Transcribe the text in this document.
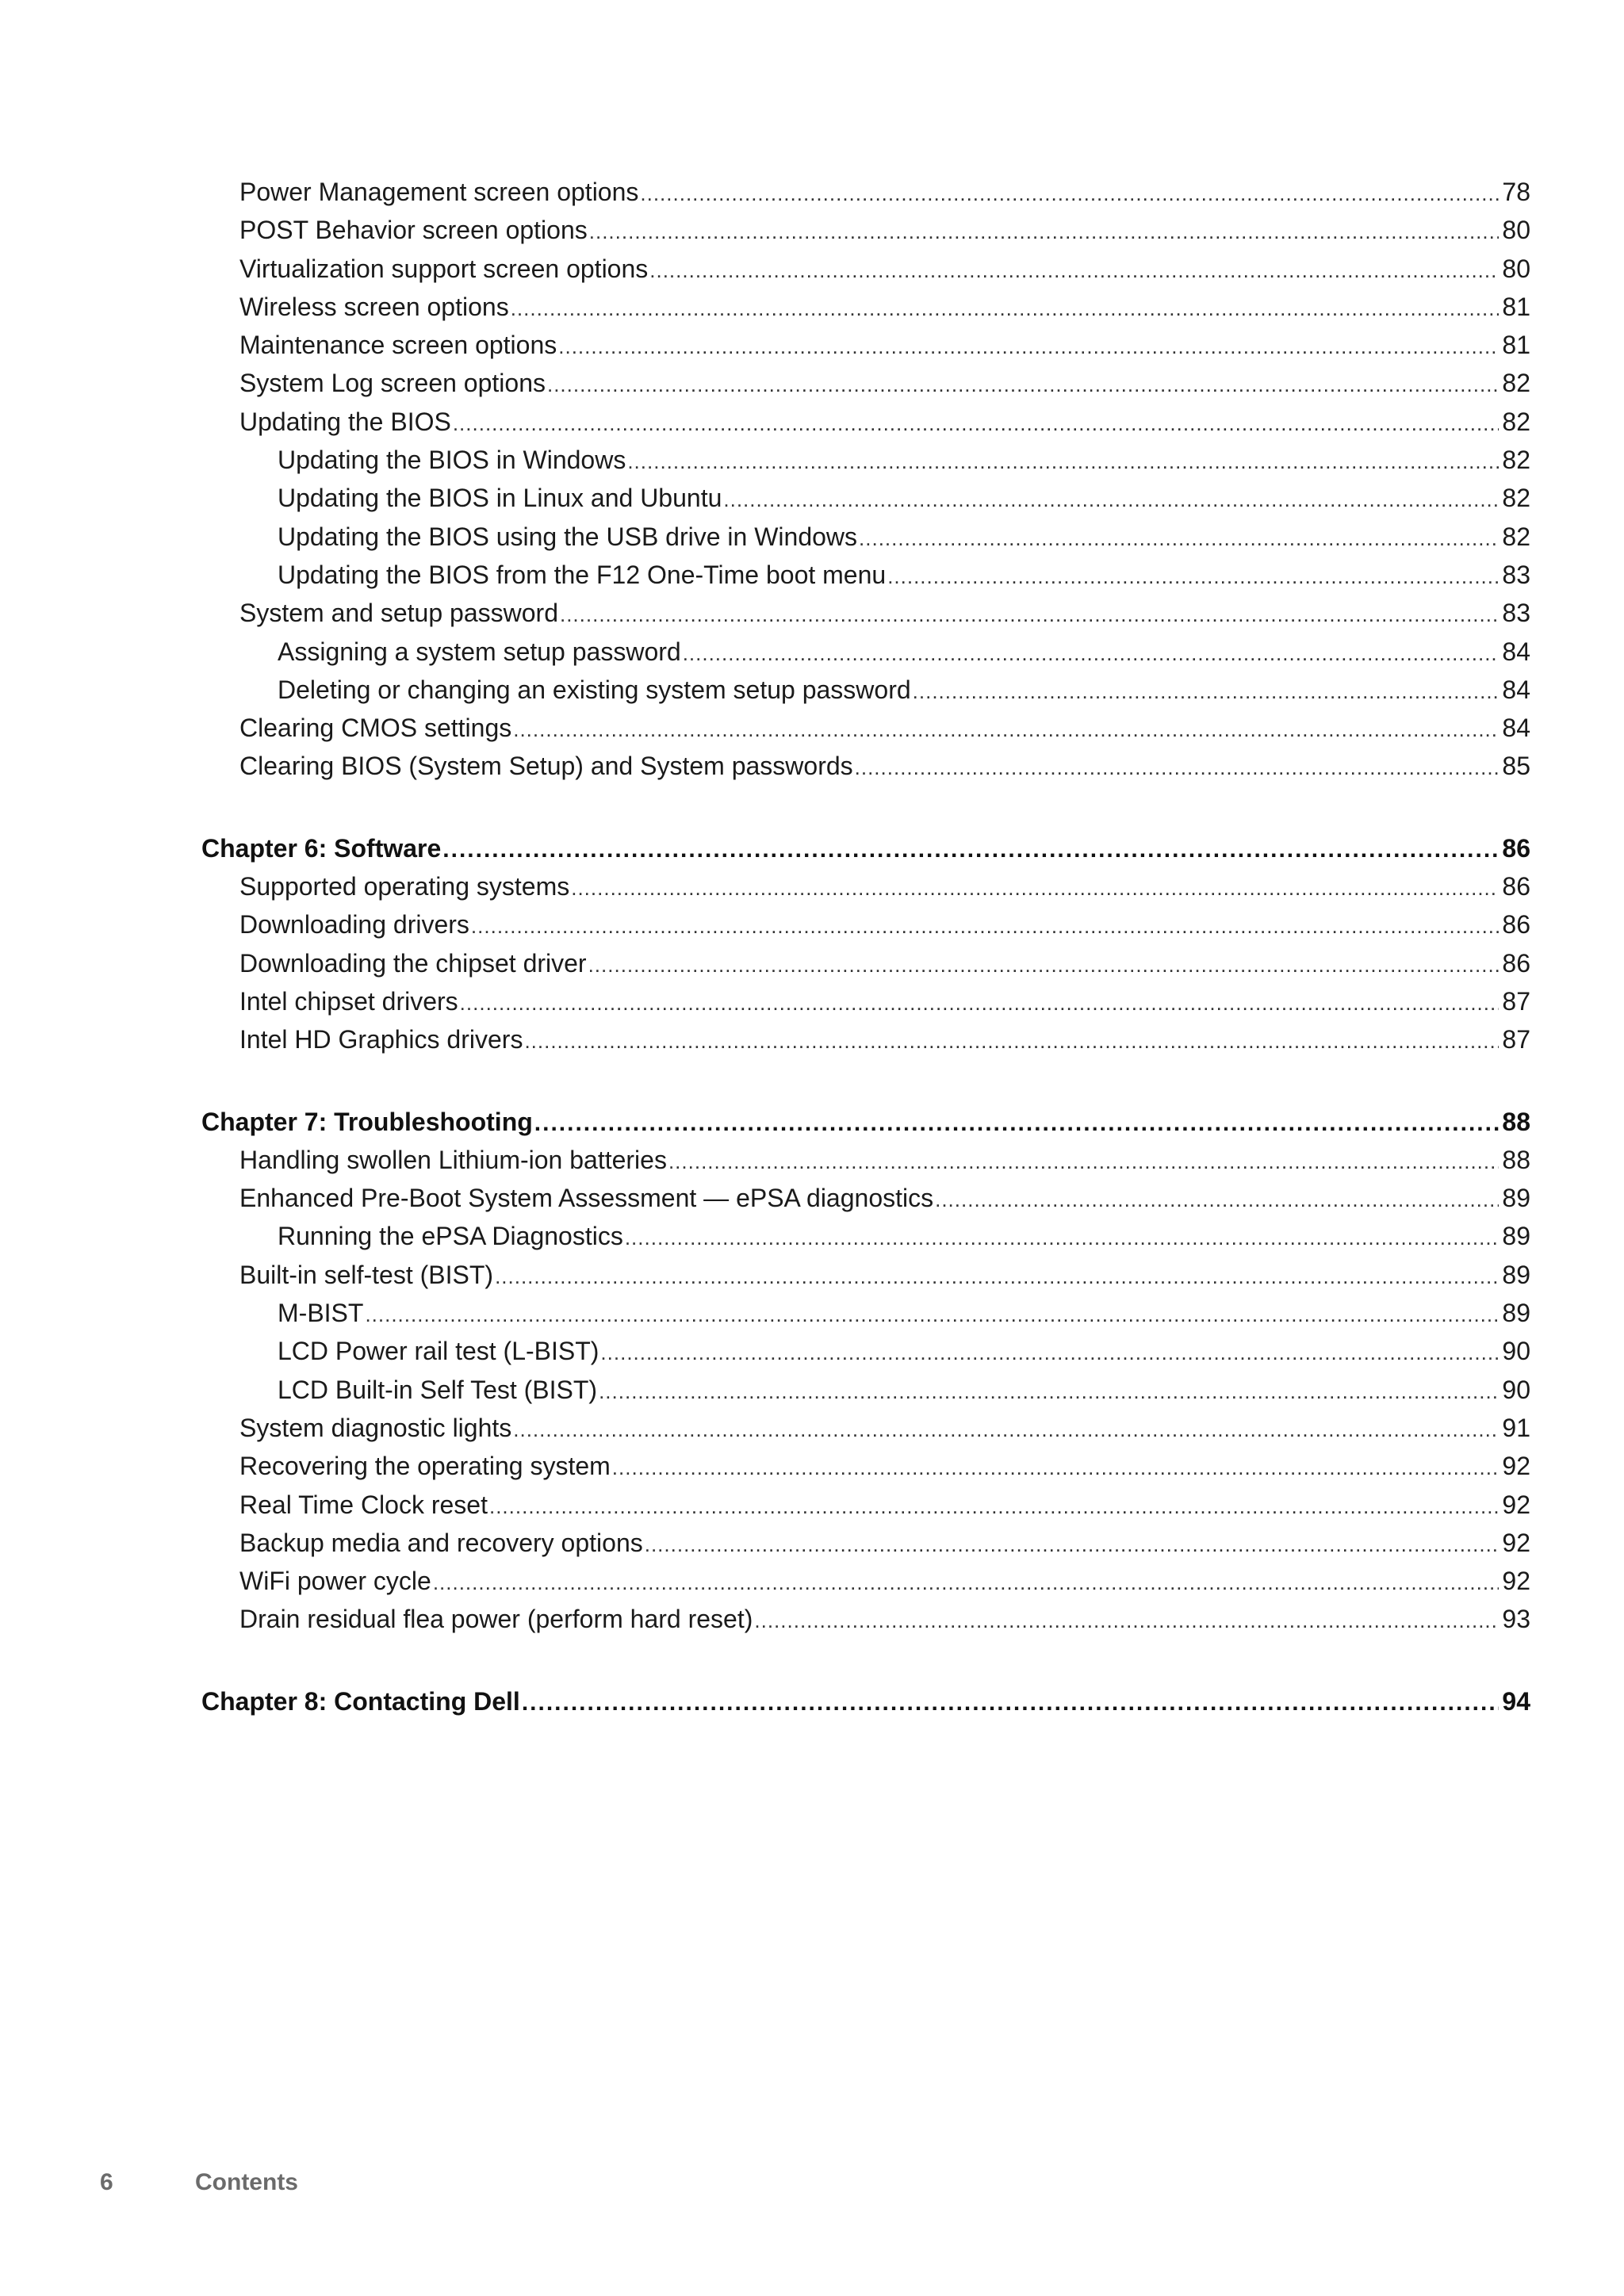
Power Management screen options .....	78
POST Behavior screen options .....	80
Virtualization support screen options .....	80
Wireless screen options .....	81
Maintenance screen options .....	81
System Log screen options .....	82
Updating the BIOS .....	82
Updating the BIOS in Windows .....	82
Updating the BIOS in Linux and Ubuntu .....	82
Updating the BIOS using the USB drive in Windows .....	82
Updating the BIOS from the F12 One-Time boot menu .....	83
System and setup password .....	83
Assigning a system setup password .....	84
Deleting or changing an existing system setup password .....	84
Clearing CMOS settings .....	84
Clearing BIOS (System Setup) and System passwords .....	85
Chapter 6: Software .....	86
Supported operating systems .....	86
Downloading drivers .....	86
Downloading the chipset driver .....	86
Intel chipset drivers .....	87
Intel HD Graphics drivers .....	87
Chapter 7: Troubleshooting .....	88
Handling swollen Lithium-ion batteries .....	88
Enhanced Pre-Boot System Assessment — ePSA diagnostics .....	89
Running the ePSA Diagnostics .....	89
Built-in self-test (BIST) .....	89
M-BIST .....	89
LCD Power rail test (L-BIST) .....	90
LCD Built-in Self Test (BIST) .....	90
System diagnostic lights .....	91
Recovering the operating system .....	92
Real Time Clock reset .....	92
Backup media and recovery options .....	92
WiFi power cycle .....	92
Drain residual flea power (perform hard reset) .....	93
Chapter 8: Contacting Dell .....	94
6	Contents
